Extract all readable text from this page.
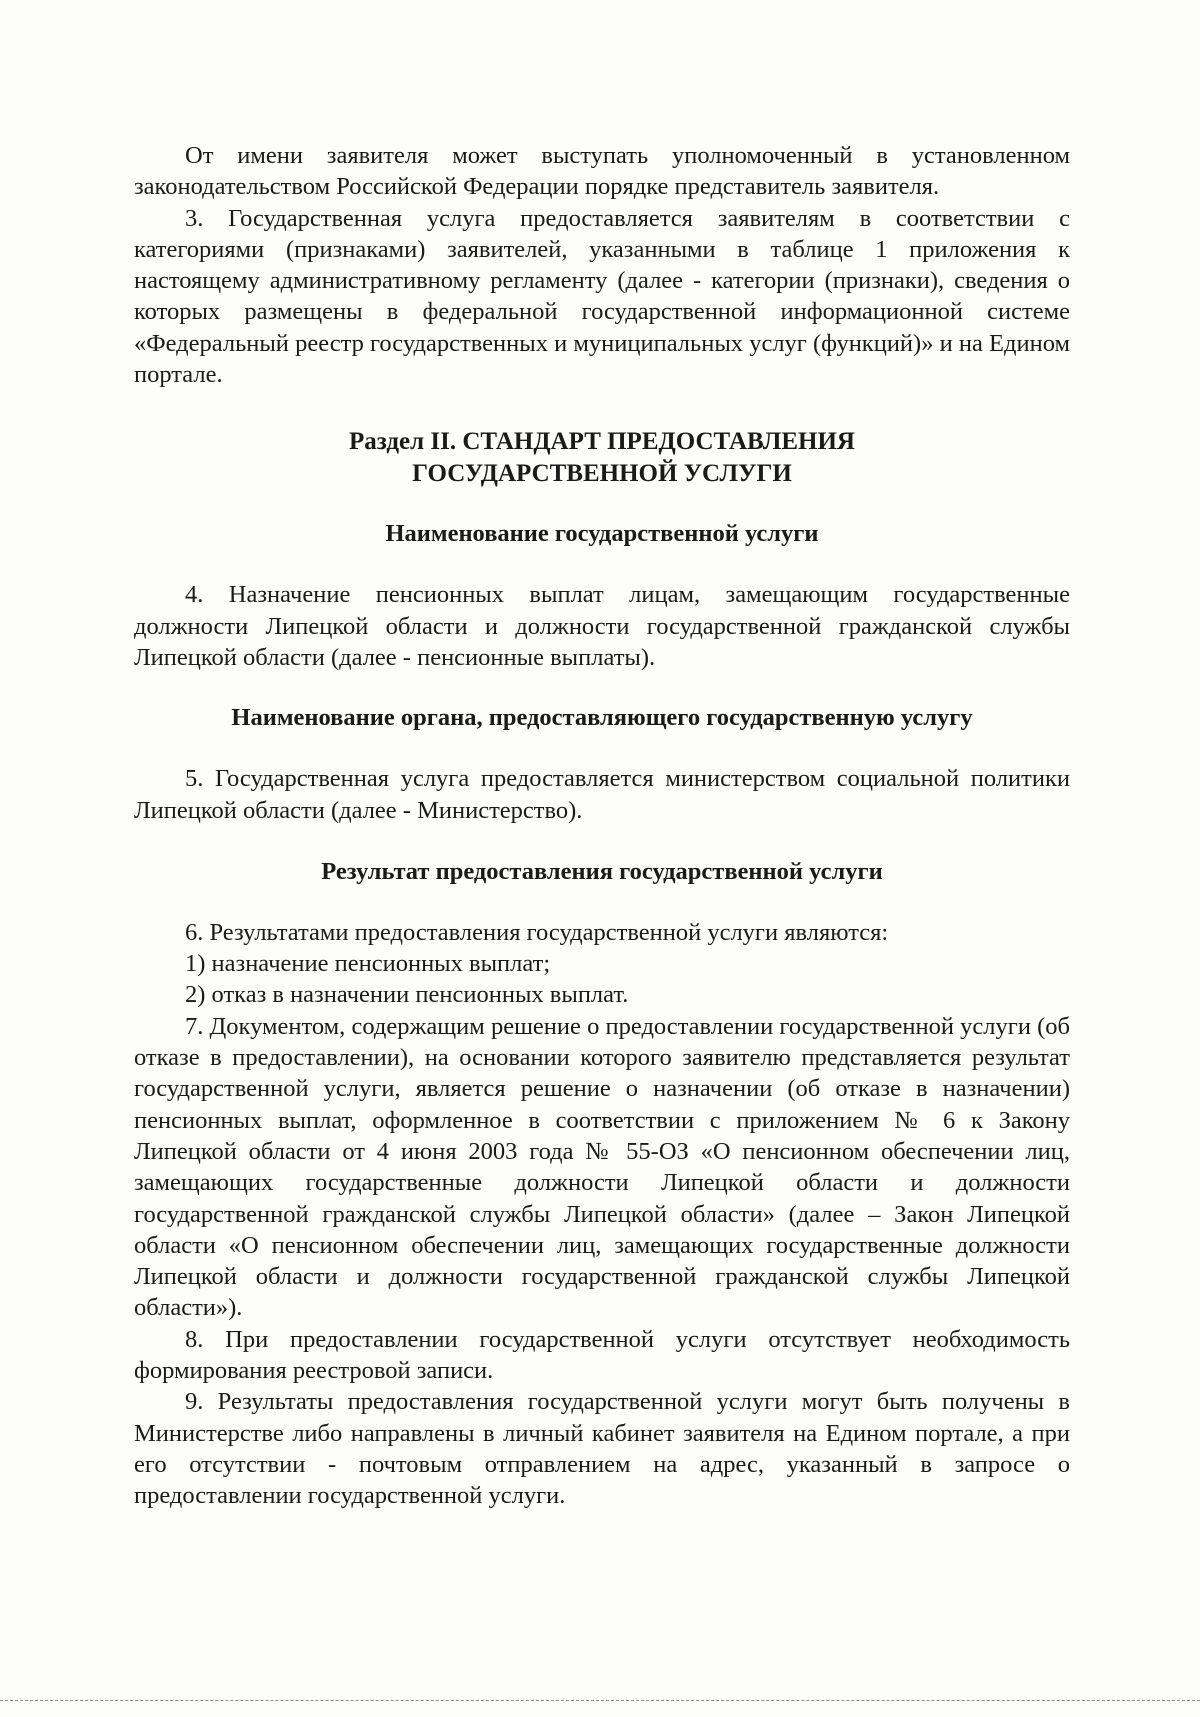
От имени заявителя может выступать уполномоченный в установленном законодательством Российской Федерации порядке представитель заявителя.

3. Государственная услуга предоставляется заявителям в соответствии с категориями (признаками) заявителей, указанными в таблице 1 приложения к настоящему административному регламенту (далее - категории (признаки), сведения о которых размещены в федеральной государственной информационной системе «Федеральный реестр государственных и муниципальных услуг (функций)» и на Едином портале.

Раздел II. СТАНДАРТ ПРЕДОСТАВЛЕНИЯ
ГОСУДАРСТВЕННОЙ УСЛУГИ
Наименование государственной услуги

4. Назначение пенсионных выплат лицам, замещающим государственные должности Липецкой области и должности государственной гражданской службы Липецкой области (далее - пенсионные выплаты).

Наименование органа, предоставляющего государственную услугу

5. Государственная услуга предоставляется министерством социальной политики Липецкой области (далее - Министерство).

Результат предоставления государственной услуги

6. Результатами предоставления государственной услуги являются:

1) назначение пенсионных выплат;

2) отказ в назначении пенсионных выплат.

7. Документом, содержащим решение о предоставлении государственной услуги (об отказе в предоставлении), на основании которого заявителю представляется результат государственной услуги, является решение о назначении (об отказе в назначении) пенсионных выплат, оформленное в соответствии с приложением № 6 к Закону Липецкой области от 4 июня 2003 года № 55-ОЗ «О пенсионном обеспечении лиц, замещающих государственные должности Липецкой области и должности государственной гражданской службы Липецкой области» (далее – Закон Липецкой области «О пенсионном обеспечении лиц, замещающих государственные должности Липецкой области и должности государственной гражданской службы Липецкой области»).

8. При предоставлении государственной услуги отсутствует необходимость формирования реестровой записи.

9. Результаты предоставления государственной услуги могут быть получены в Министерстве либо направлены в личный кабинет заявителя на Едином портале, а при его отсутствии - почтовым отправлением на адрес, указанный в запросе о предоставлении государственной услуги.
